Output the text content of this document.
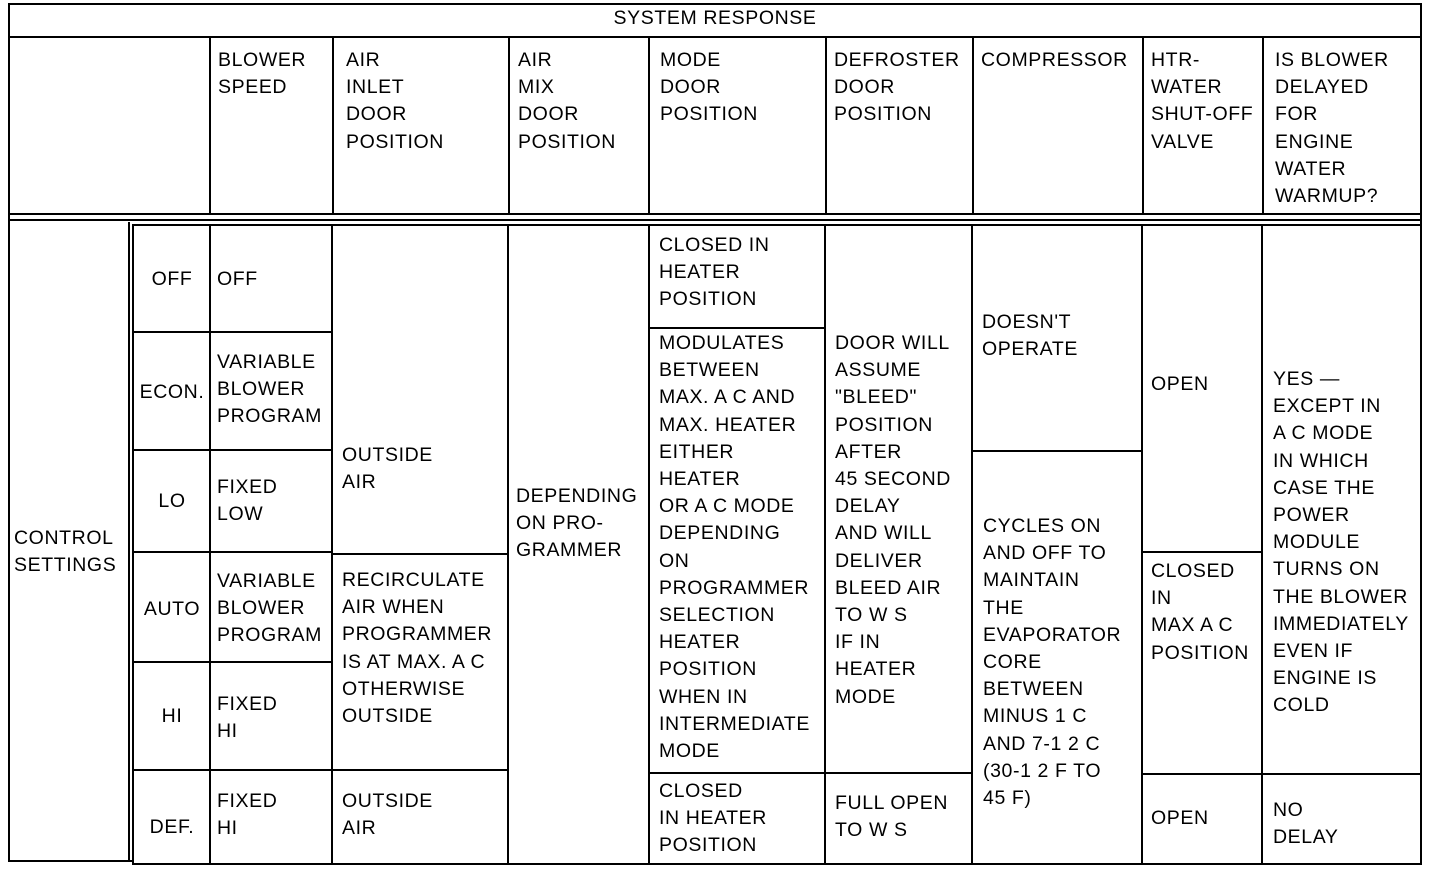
SYSTEM RESPONSE
BLOWER
SPEED
AIR
INLET
DOOR
POSITION
AIR
MIX
DOOR
POSITION
MODE
DOOR
POSITION
DEFROSTER
DOOR
POSITION
COMPRESSOR HTR-
WATER
SHUT-OFF
VALVE
IS BLOWER
DELAYED
FOR
ENGINE
WATER
WARMUP?
CONTROL
SETTINGS
OFF
ECON.
LO
AUTO
HI
DEF.
OFF
VARIABLE
BLOWER
PROGRAM
FIXED
LOW
VARIABLE
BLOWER
PROGRAM
FIXED
HI
FIXED
HI
OUTSIDE
AIR
RECIRCULATE
AIR WHEN
PROGRAMMER
IS AT MAX. A C
OTHERWISE
OUTSIDE
OUTSIDE
AIR
DEPENDING
ON PRO-
GRAMMER
CLOSED IN
HEATER
POSITION
MODULATES
BETWEEN
MAX. A C AND
MAX. HEATER
EITHER
HEATER
OR A C MODE
DEPENDING
ON
PROGRAMMER
SELECTION
HEATER
POSITION
WHEN IN
INTERMEDIATE
MODE
CLOSED
IN HEATER
POSITION
DOOR WILL
ASSUME
"BLEED"
POSITION
AFTER
45 SECOND
DELAY
AND WILL
DELIVER
BLEED AIR
TO W S
IF IN
HEATER
MODE
FULL OPEN
TO W S
DOESN'T
OPERATE
CYCLES ON
AND OFF TO
MAINTAIN
THE
EVAPORATOR
CORE
BETWEEN
MINUS 1 C
AND 7-1 2 C
(30-1 2 F TO
45 F)
OPEN
CLOSED
IN
MAX A C
POSITION
OPEN
YES —
EXCEPT IN
A C MODE
IN WHICH
CASE THE
POWER
MODULE
TURNS ON
THE BLOWER
IMMEDIATELY
EVEN IF
ENGINE IS
COLD
NO
DELAY
